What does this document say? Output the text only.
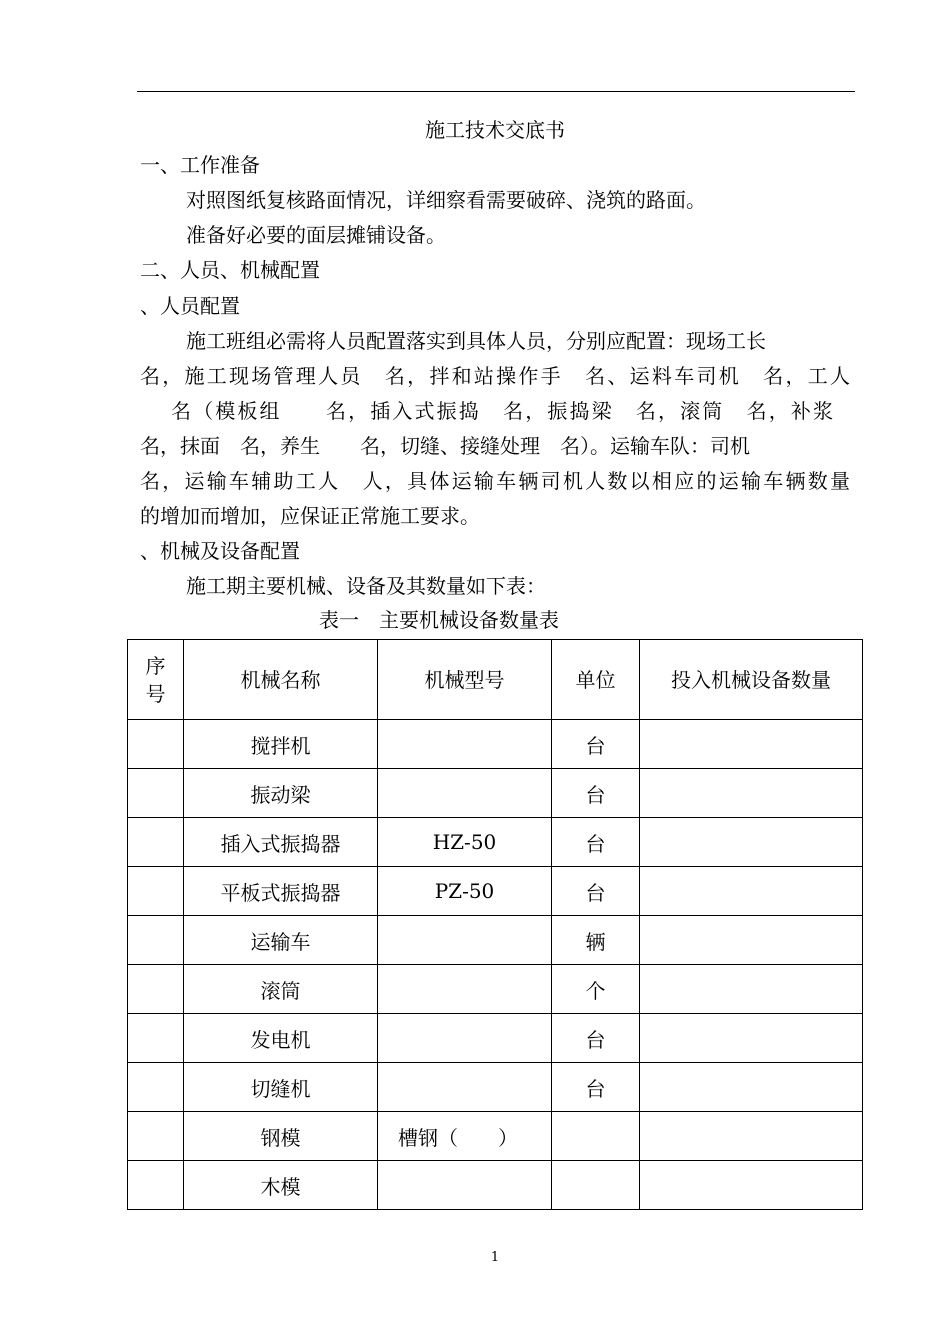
施工技术交底书
一、工作准备
对照图纸复核路面情况，详细察看需要破碎、浇筑的路面。
准备好必要的面层摊铺设备。
二、人员、机械配置
、人员配置
施工班组必需将人员配置落实到具体人员，分别应配置：现场工长
名，施工现场管理人员　名，拌和站操作手　名、运料车司机　名，工人
名（模板组　　名，插入式振捣　名，振捣梁　名，滚筒　名，补浆
名，抹面　名，养生　　名，切缝、接缝处理　名）。运输车队：司机
名，运输车辅助工人　人，具体运输车辆司机人数以相应的运输车辆数量
的增加而增加，应保证正常施工要求。
、机械及设备配置
施工期主要机械、设备及其数量如下表：
表一　主要机械设备数量表
序
号	机械名称	机械型号	单位	投入机械设备数量
	搅拌机		台	
	振动梁		台	
	插入式振捣器	HZ-50	台	
	平板式振捣器	PZ-50	台	
	运输车		辆	
	滚筒		个	
	发电机		台	
	切缝机		台	
	钢模	槽钢（　　）		
	木模			
1
